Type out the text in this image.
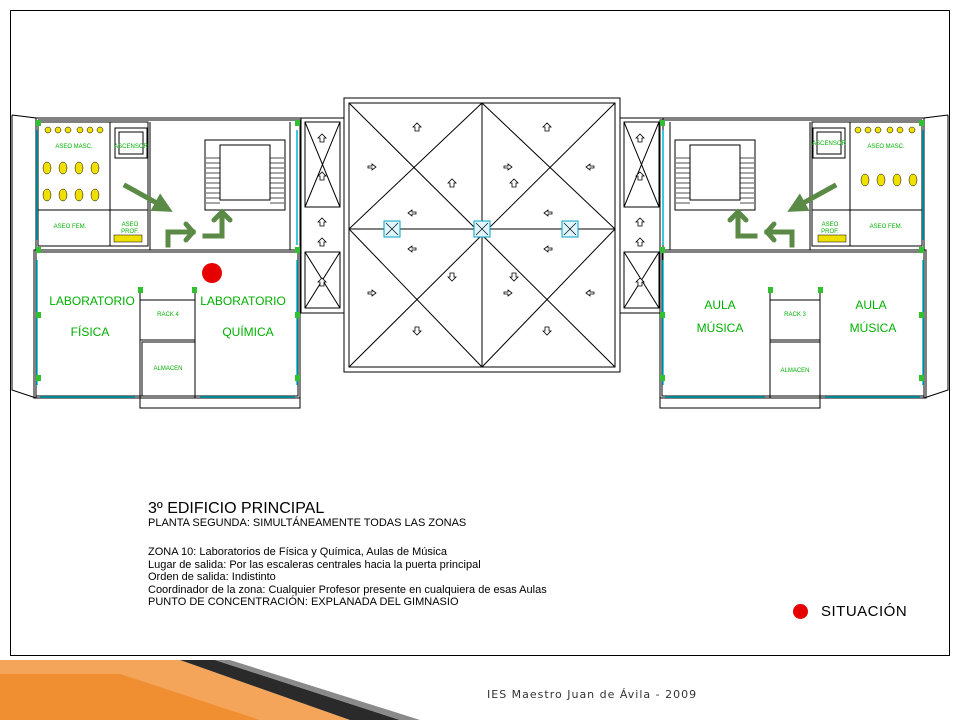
LABORATORIO
FÍSICA
LABORATORIO
QUÍMICA
AULA
MÚSICA
AULA
MÚSICA
ASEO MASC.
ASEO FEM.	ASEO
PROF.
ASCENSOR
RACK 4
ALMACEN
ASEO MASC.
ASEO FEM.
ASEO
PROF.
ASCENSOR
RACK 3
ALMACEN
3º EDIFICIO PRINCIPAL
PLANTA SEGUNDA: SIMULTÁNEAMENTE TODAS LAS ZONAS
ZONA 10: Laboratorios de Física y Química, Aulas de Música
Lugar de salida: Por las escaleras centrales hacia la puerta principal
Orden de salida: Indistinto
Coordinador de la zona: Cualquier Profesor presente en cualquiera de esas Aulas
PUNTO DE CONCENTRACIÓN: EXPLANADA DEL GIMNASIO
SITUACIÓN
IES Maestro Juan de Ávila - 2009
